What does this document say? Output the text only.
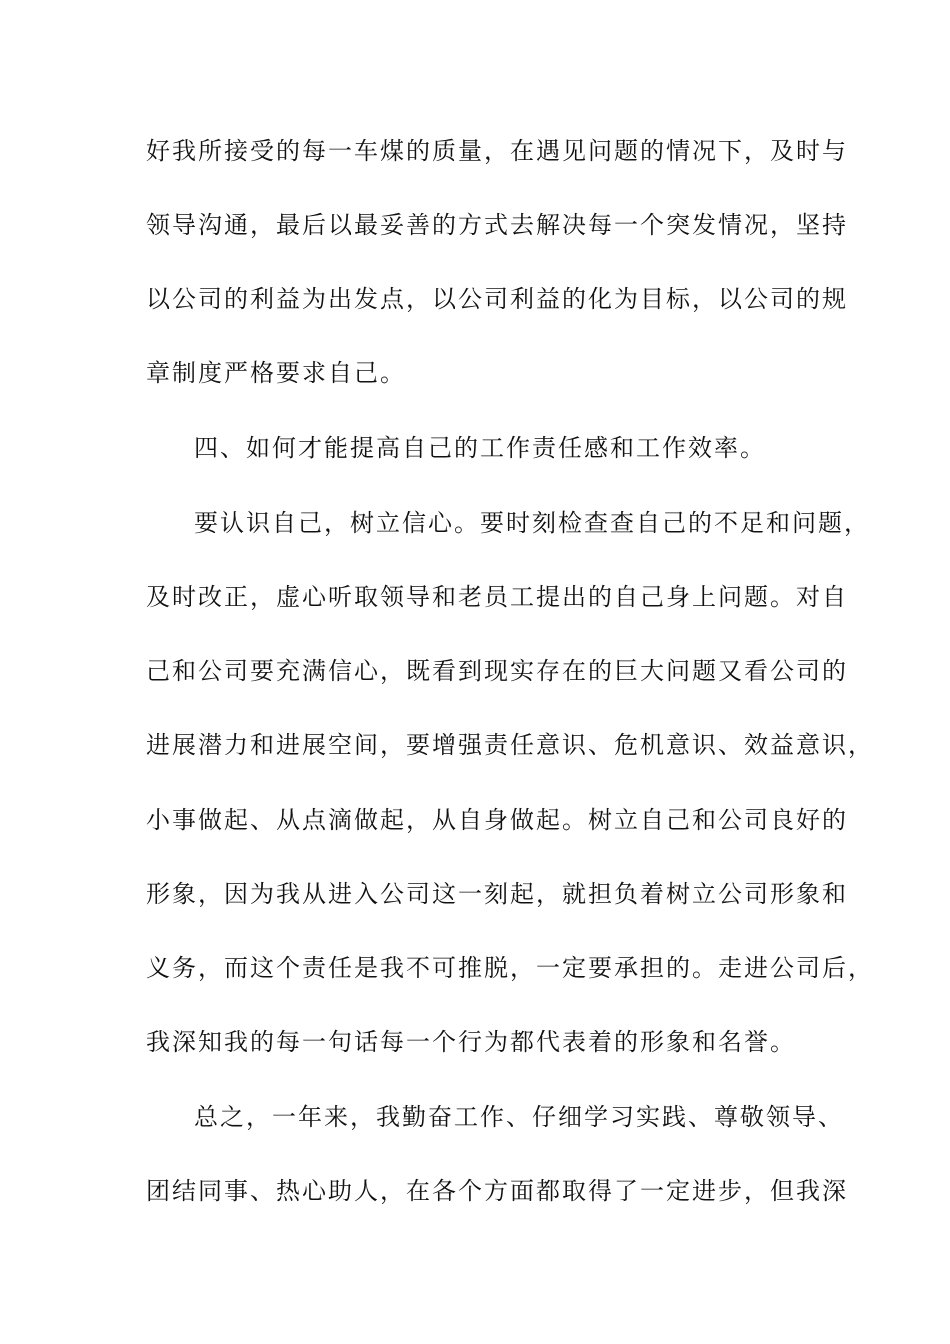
好我所接受的每一车煤的质量，在遇见问题的情况下，及时与
领导沟通，最后以最妥善的方式去解决每一个突发情况，坚持
以公司的利益为出发点，以公司利益的化为目标，以公司的规
章制度严格要求自己。
四、如何才能提高自己的工作责任感和工作效率。
要认识自己，树立信心。要时刻检查查自己的不足和问题，
及时改正，虚心听取领导和老员工提出的自己身上问题。对自
己和公司要充满信心，既看到现实存在的巨大问题又看公司的
进展潜力和进展空间，要增强责任意识、危机意识、效益意识，
小事做起、从点滴做起，从自身做起。树立自己和公司良好的
形象，因为我从进入公司这一刻起，就担负着树立公司形象和
义务，而这个责任是我不可推脱，一定要承担的。走进公司后，
我深知我的每一句话每一个行为都代表着的形象和名誉。
总之，一年来，我勤奋工作、仔细学习实践、尊敬领导、
团结同事、热心助人，在各个方面都取得了一定进步，但我深
